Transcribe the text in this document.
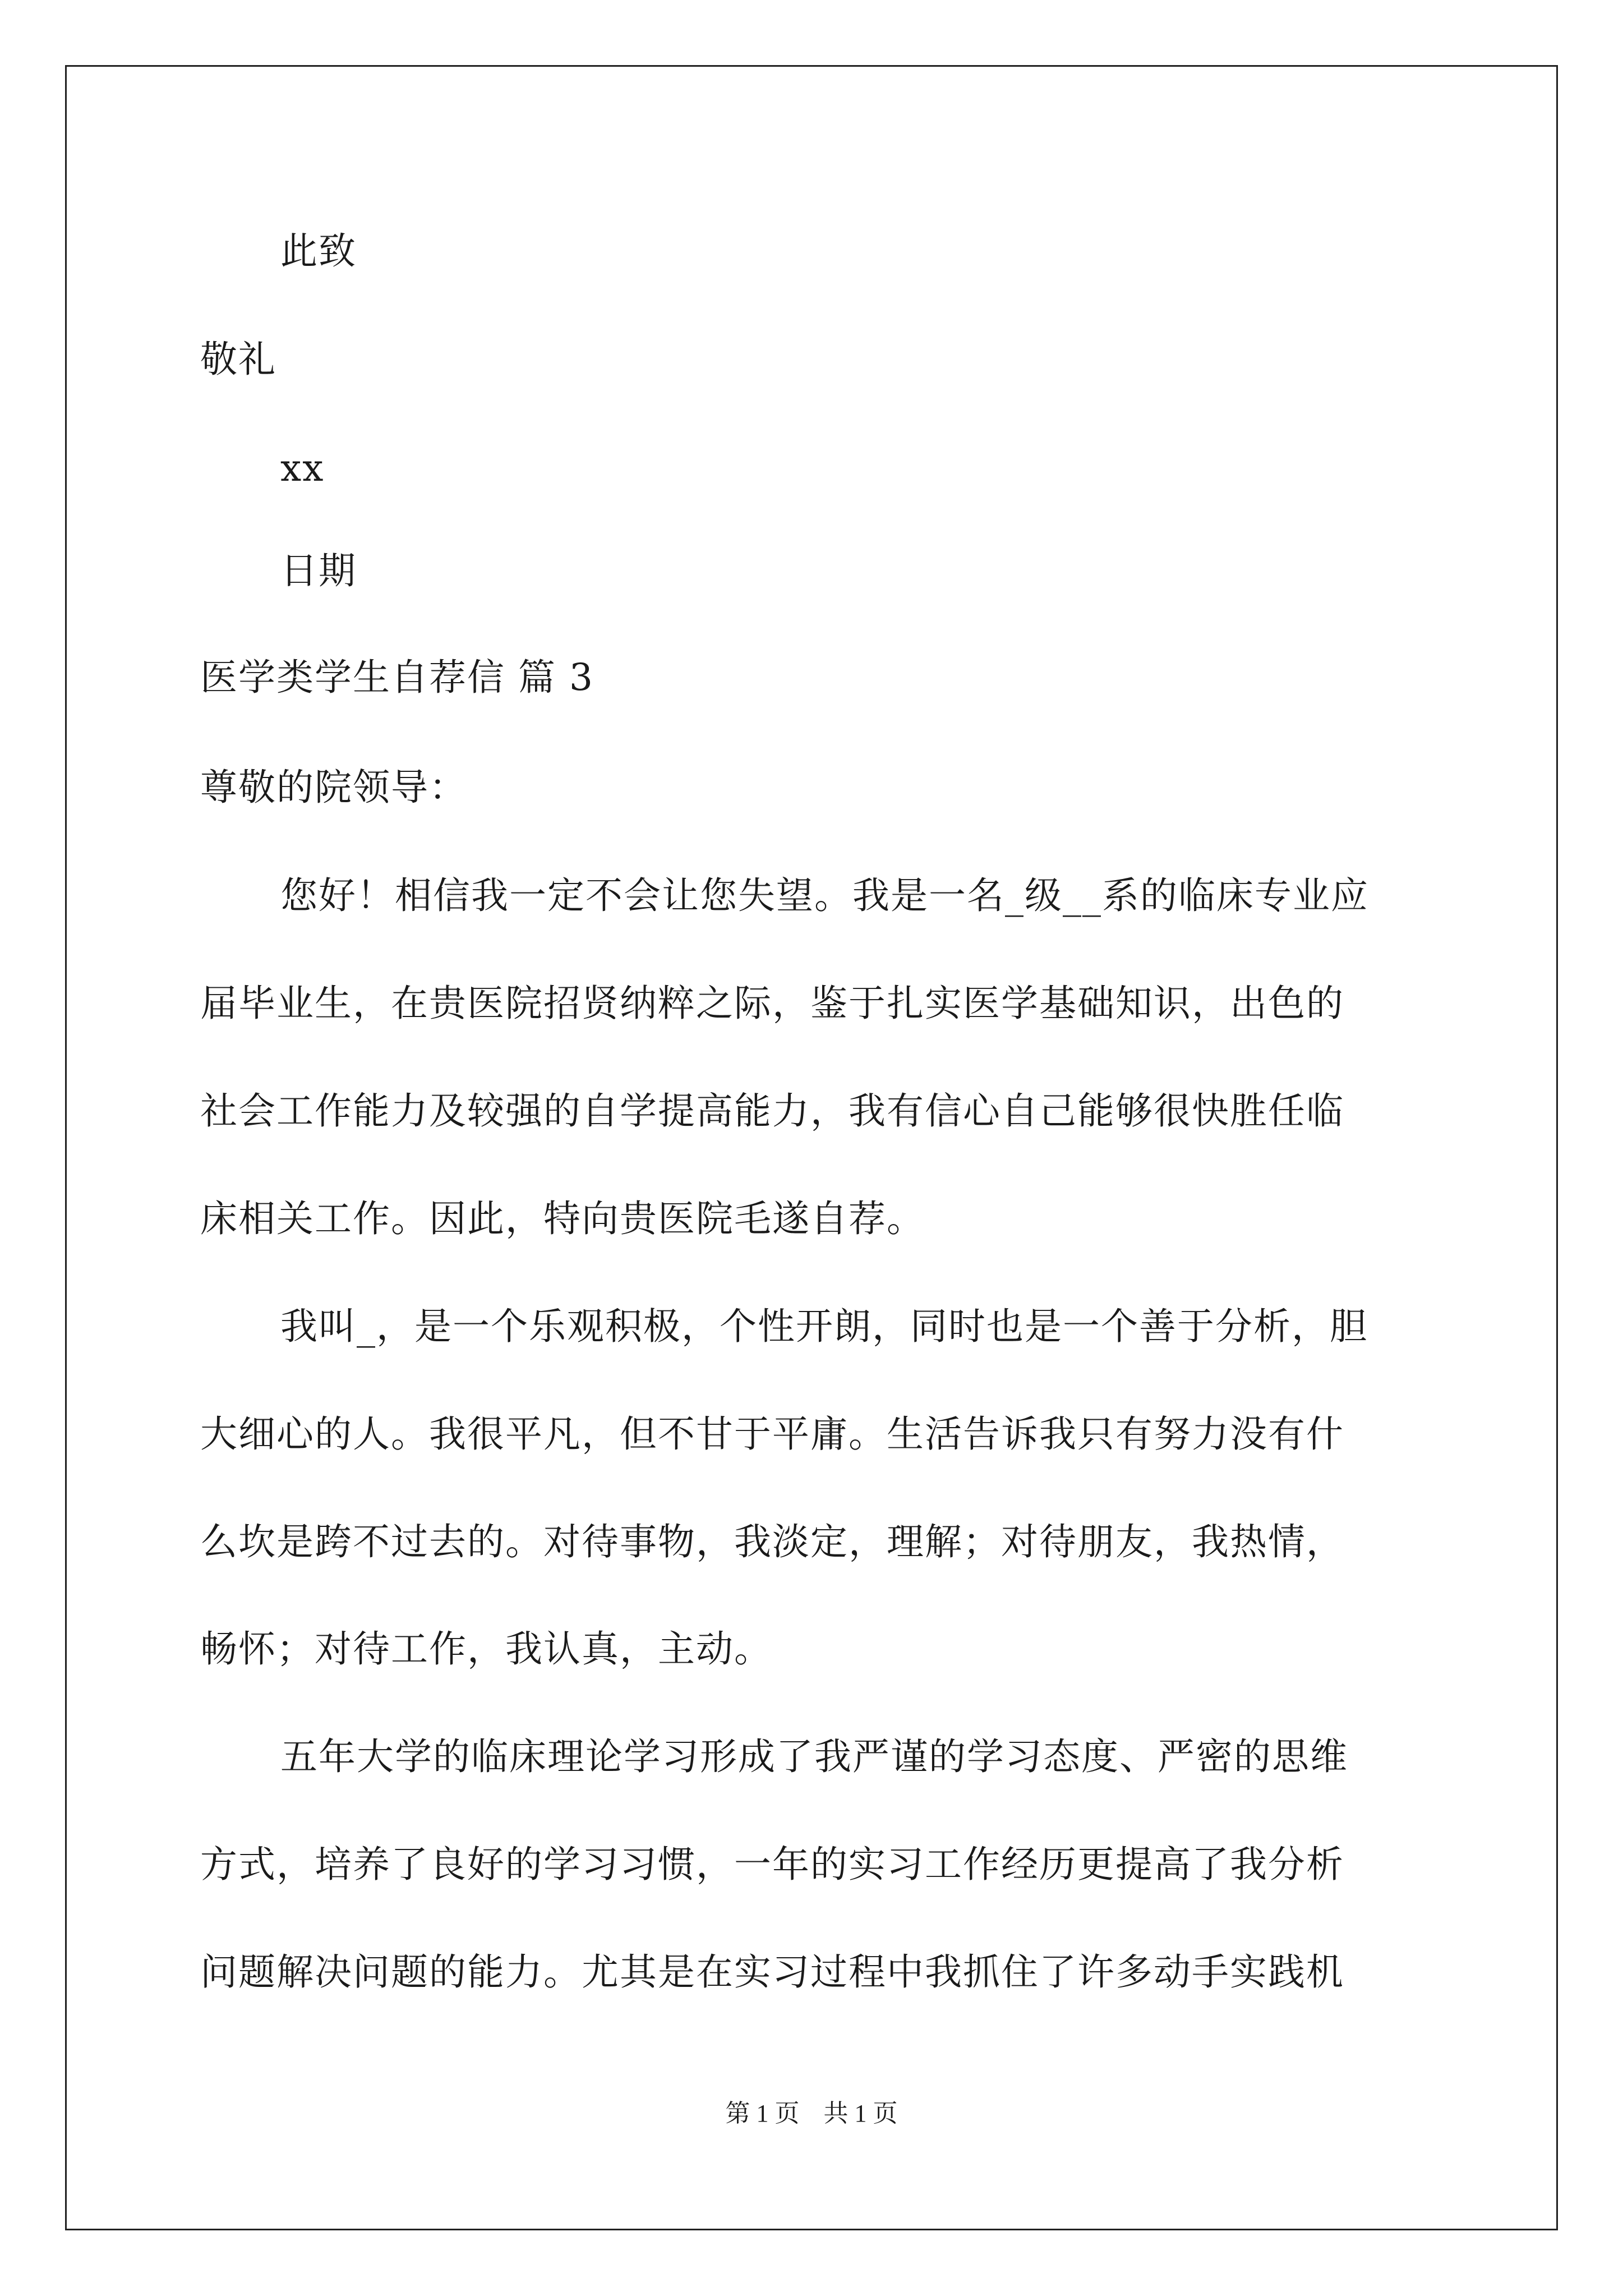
此致
敬礼
xx
日期
医学类学生自荐信 篇 3
尊敬的院领导：
您好！相信我一定不会让您失望。我是一名_级__系的临床专业应
届毕业生，在贵医院招贤纳粹之际，鉴于扎实医学基础知识，出色的
社会工作能力及较强的自学提高能力，我有信心自己能够很快胜任临
床相关工作。因此，特向贵医院毛遂自荐。
我叫_，是一个乐观积极，个性开朗，同时也是一个善于分析，胆
大细心的人。我很平凡，但不甘于平庸。生活告诉我只有努力没有什
么坎是跨不过去的。对待事物，我淡定，理解；对待朋友，我热情，
畅怀；对待工作，我认真，主动。
五年大学的临床理论学习形成了我严谨的学习态度、严密的思维
方式，培养了良好的学习习惯，一年的实习工作经历更提高了我分析
问题解决问题的能力。尤其是在实习过程中我抓住了许多动手实践机
第 1 页 共 1 页
